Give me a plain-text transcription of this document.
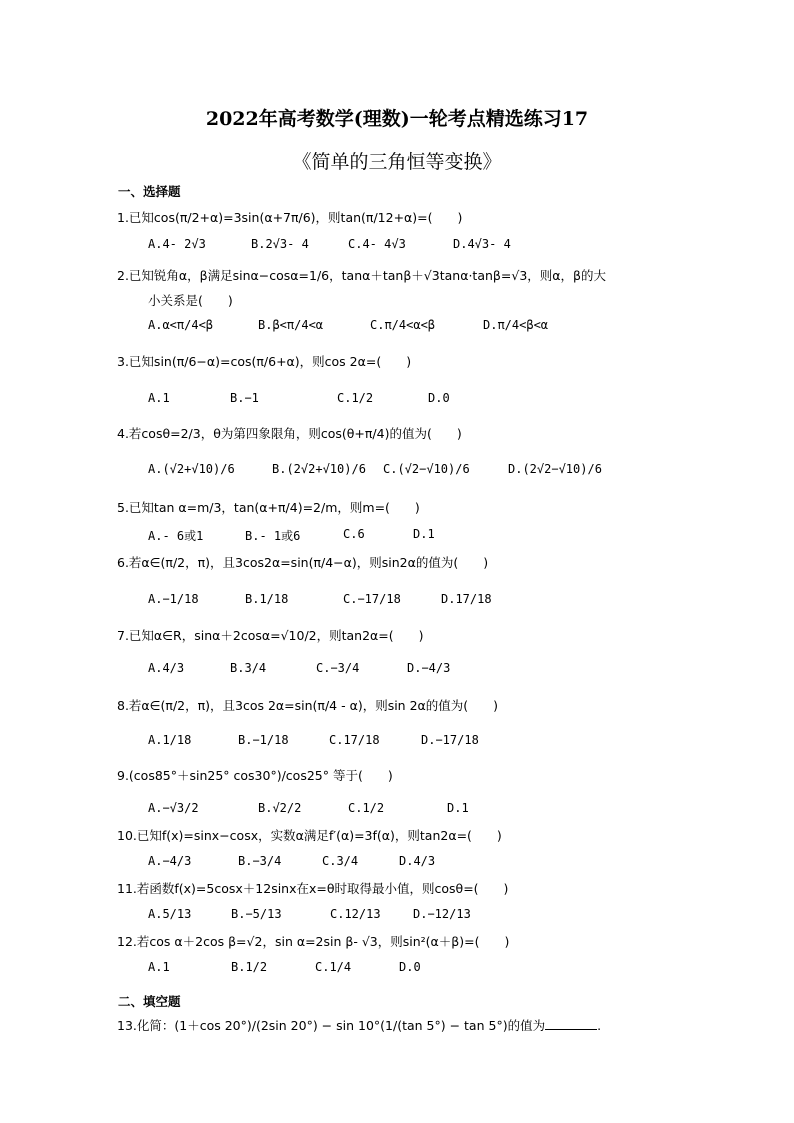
2022年高考数学(理数)一轮考点精选练习17
《简单的三角恒等变换》
一、选择题
1.已知cos(π/2+α)=3sin(α+7π/6)，则tan(π/12+α)=(　　)
A.4- 2√3	B.2√3- 4	C.4- 4√3	D.4√3- 4
2.已知锐角α，β满足sinα−cosα=1/6，tanα＋tanβ＋√3tanα·tanβ=√3，则α，β的大
小关系是(　　)
A.α<π/4<β	B.β<π/4<α	C.π/4<α<β	D.π/4<β<α
3.已知sin(π/6−α)=cos(π/6+α)，则cos 2α=(　　)
A.1	B.−1	C.1/2	D.0
4.若cosθ=2/3，θ为第四象限角，则cos(θ+π/4)的值为(　　)
A.(√2+√10)/6	B.(2√2+√10)/6 C.(√2−√10)/6	D.(2√2−√10)/6
5.已知tan α=m/3，tan(α+π/4)=2/m，则m=(　　)
A.- 6或1	B.- 1或6	C.6	D.1
6.若α∈(π/2，π)，且3cos2α=sin(π/4−α)，则sin2α的值为(　　)
A.−1/18	B.1/18	C.−17/18	D.17/18
7.已知α∈R，sinα＋2cosα=√10/2，则tan2α=(　　)
A.4/3	B.3/4	C.−3/4	D.−4/3
8.若α∈(π/2，π)，且3cos 2α=sin(π/4 - α)，则sin 2α的值为(　　)
A.1/18	B.−1/18	C.17/18	D.−17/18
9.(cos85°＋sin25° cos30°)/cos25° 等于(　　)
A.−√3/2	B.√2/2	C.1/2	D.1
10.已知f(x)=sinx−cosx，实数α满足f′(α)=3f(α)，则tan2α=(　　)
A.−4/3	B.−3/4	C.3/4	D.4/3
11.若函数f(x)=5cosx＋12sinx在x=θ时取得最小值，则cosθ=(　　)
A.5/13	B.−5/13	C.12/13	D.−12/13
12.若cos α＋2cos β=√2，sin α=2sin β- √3，则sin²(α＋β)=(　　)
A.1	B.1/2	C.1/4	D.0
二、填空题
13.化简：(1＋cos 20°)/(2sin 20°) − sin 10°(1/(tan 5°) − tan 5°)的值为	.
